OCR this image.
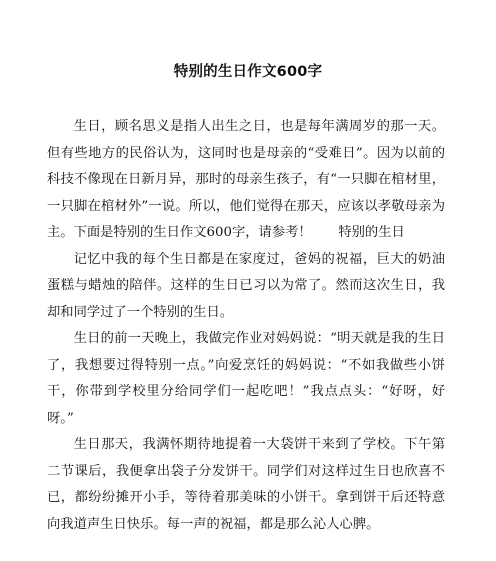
特别的生日作文600字

生日，顾名思义是指人出生之日，也是每年满周岁的那一天。但有些地方的民俗认为，这同时也是母亲的“受难日”。因为以前的科技不像现在日新月异，那时的母亲生孩子，有“一只脚在棺材里，一只脚在棺材外”一说。所以，他们觉得在那天，应该以孝敬母亲为主。下面是特别的生日作文600字，请参考！　　特别的生日

记忆中我的每个生日都是在家度过，爸妈的祝福，巨大的奶油蛋糕与蜡烛的陪伴。这样的生日已习以为常了。然而这次生日，我却和同学过了一个特别的生日。

生日的前一天晚上，我做完作业对妈妈说：“明天就是我的生日了，我想要过得特别一点。”向爱烹饪的妈妈说：“不如我做些小饼干，你带到学校里分给同学们一起吃吧！”我点点头：“好呀，好呀。”

生日那天，我满怀期待地提着一大袋饼干来到了学校。下午第二节课后，我便拿出袋子分发饼干。同学们对这样过生日也欣喜不已，都纷纷摊开小手，等待着那美味的小饼干。拿到饼干后还特意向我道声生日快乐。每一声的祝福，都是那么沁人心脾。
